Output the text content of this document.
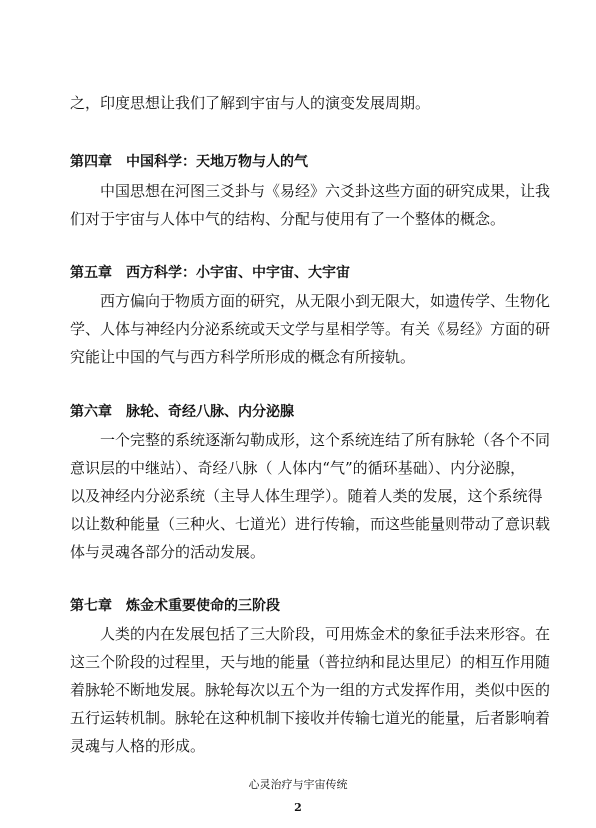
之，印度思想让我们了解到宇宙与人的演变发展周期。
第四章　中国科学：天地万物与人的气
中国思想在河图三爻卦与《易经》六爻卦这些方面的研究成果，让我
们对于宇宙与人体中气的结构、分配与使用有了一个整体的概念。
第五章　西方科学：小宇宙、中宇宙、大宇宙
西方偏向于物质方面的研究，从无限小到无限大，如遗传学、生物化
学、人体与神经内分泌系统或天文学与星相学等。有关《易经》方面的研
究能让中国的气与西方科学所形成的概念有所接轨。
第六章　脉轮、奇经八脉、内分泌腺
一个完整的系统逐渐勾勒成形，这个系统连结了所有脉轮（各个不同
意识层的中继站）、奇经八脉（ 人体内“气”的循环基础）、内分泌腺，
以及神经内分泌系统（主导人体生理学）。随着人类的发展，这个系统得
以让数种能量（三种火、七道光）进行传输，而这些能量则带动了意识载
体与灵魂各部分的活动发展。
第七章　炼金术重要使命的三阶段
人类的内在发展包括了三大阶段，可用炼金术的象征手法来形容。在
这三个阶段的过程里，天与地的能量（普拉纳和昆达里尼）的相互作用随
着脉轮不断地发展。脉轮每次以五个为一组的方式发挥作用，类似中医的
五行运转机制。脉轮在这种机制下接收并传输七道光的能量，后者影响着
灵魂与人格的形成。
心灵治疗与宇宙传统
2
